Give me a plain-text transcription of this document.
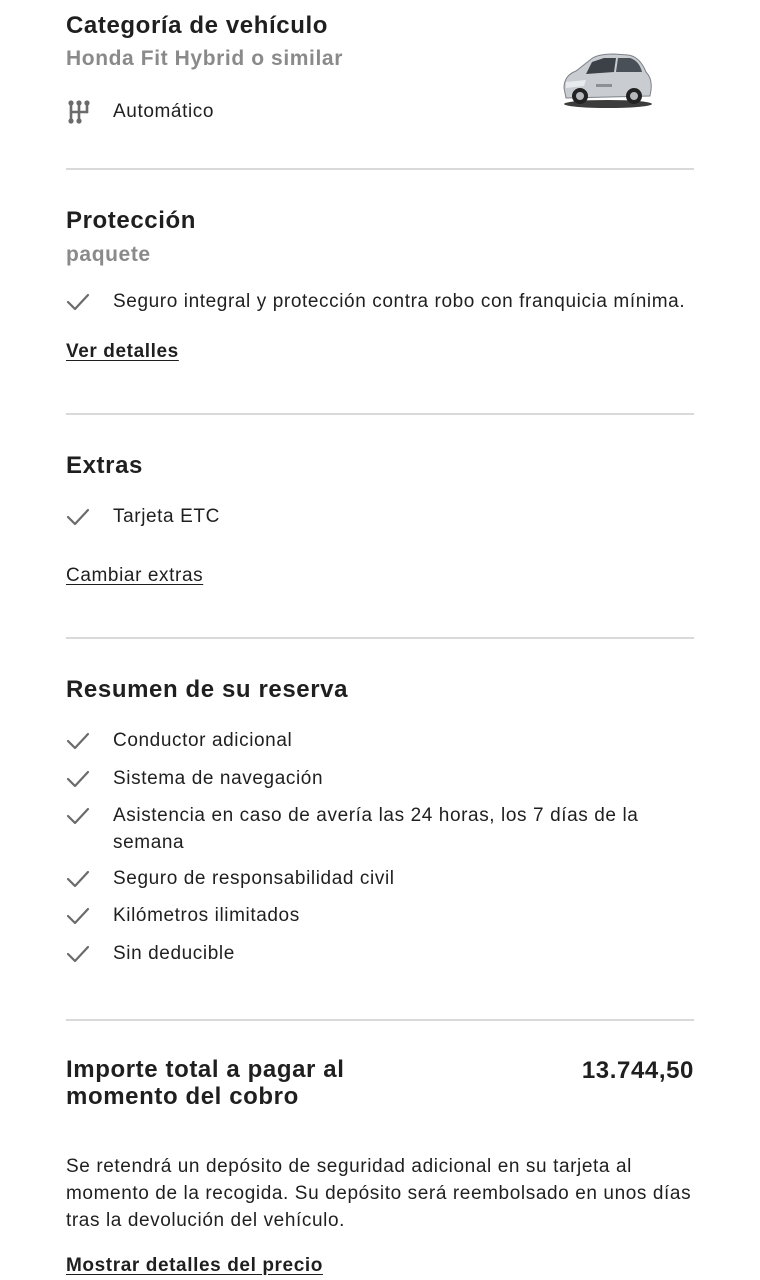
Categoría de vehículo
Honda Fit Hybrid o similar
Automático
Protección
paquete
Seguro integral y protección contra robo con franquicia mínima.
Ver detalles
Extras
Tarjeta ETC
Cambiar extras
Resumen de su reserva
Conductor adicional
Sistema de navegación
Asistencia en caso de avería las 24 horas, los 7 días de la semana
Seguro de responsabilidad civil
Kilómetros ilimitados
Sin deducible
Importe total a pagar al momento del cobro
13.744,50
Se retendrá un depósito de seguridad adicional en su tarjeta al momento de la recogida. Su depósito será reembolsado en unos días tras la devolución del vehículo.
Mostrar detalles del precio
